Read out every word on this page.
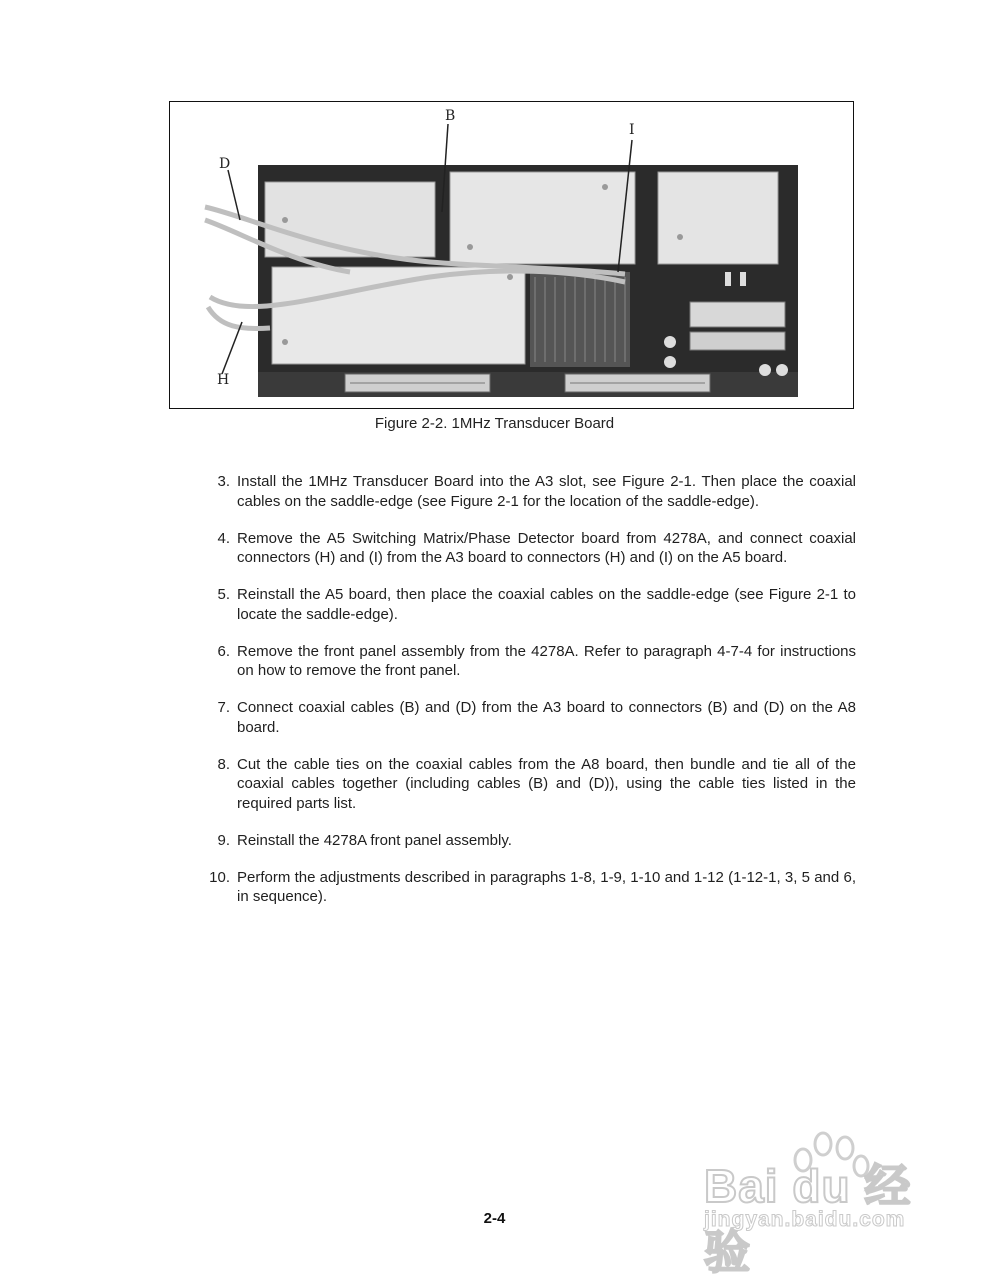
B
I
D
H
Figure 2-2. 1MHz Transducer Board
3. Install the 1MHz Transducer Board into the A3 slot, see Figure 2-1. Then place the coaxial cables on the saddle-edge (see Figure 2-1 for the location of the saddle-edge).
4. Remove the A5 Switching Matrix/Phase Detector board from 4278A, and connect coaxial connectors (H) and (I) from the A3 board to connectors (H) and (I) on the A5 board.
5. Reinstall the A5 board, then place the coaxial cables on the saddle-edge (see Figure 2-1 to locate the saddle-edge).
6. Remove the front panel assembly from the 4278A. Refer to paragraph 4-7-4 for instructions on how to remove the front panel.
7. Connect coaxial cables (B) and (D) from the A3 board to connectors (B) and (D) on the A8 board.
8. Cut the cable ties on the coaxial cables from the A8 board, then bundle and tie all of the coaxial cables together (including cables (B) and (D)), using the cable ties listed in the required parts list.
9. Reinstall the 4278A front panel assembly.
10. Perform the adjustments described in paragraphs 1-8, 1-9, 1-10 and 1-12 (1-12-1, 3, 5 and 6, in sequence).
2-4
Bai du 经验
jingyan.baidu.com
